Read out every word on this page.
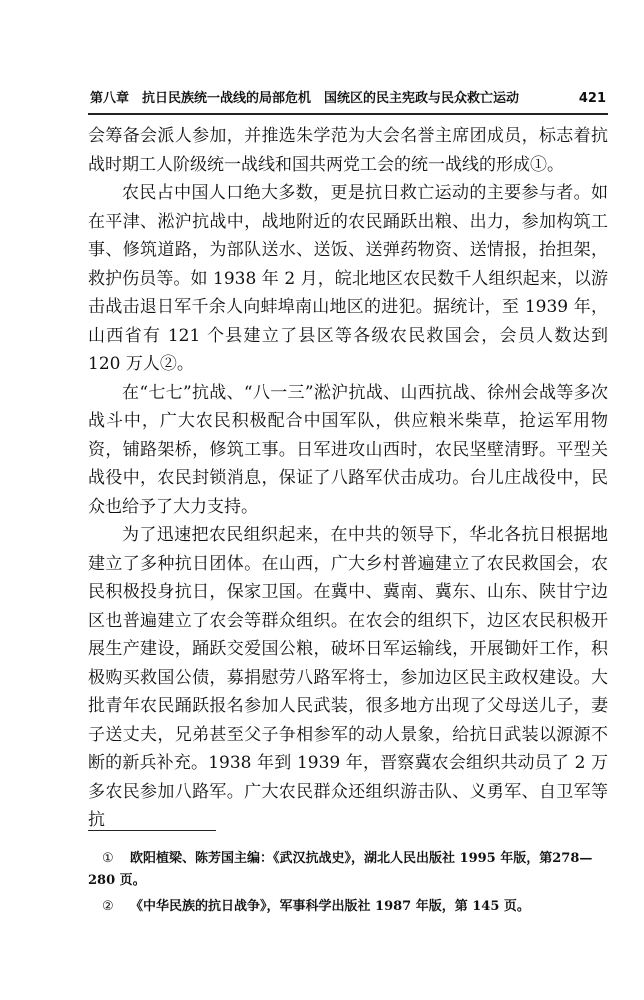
第八章　抗日民族统一战线的局部危机　国统区的民主宪政与民众救亡运动	421

会筹备会派人参加，并推选朱学范为大会名誉主席团成员，标志着抗战时期工人阶级统一战线和国共两党工会的统一战线的形成①。

农民占中国人口绝大多数，更是抗日救亡运动的主要参与者。如在平津、淞沪抗战中，战地附近的农民踊跃出粮、出力，参加构筑工事、修筑道路，为部队送水、送饭、送弹药物资、送情报，抬担架，救护伤员等。如 1938 年 2 月，皖北地区农民数千人组织起来，以游击战击退日军千余人向蚌埠南山地区的进犯。据统计，至 1939 年，山西省有 121 个县建立了县区等各级农民救国会，会员人数达到 120 万人②。

在“七七”抗战、“八一三”淞沪抗战、山西抗战、徐州会战等多次战斗中，广大农民积极配合中国军队，供应粮米柴草，抢运军用物资，铺路架桥，修筑工事。日军进攻山西时，农民坚壁清野。平型关战役中，农民封锁消息，保证了八路军伏击成功。台儿庄战役中，民众也给予了大力支持。

为了迅速把农民组织起来，在中共的领导下，华北各抗日根据地建立了多种抗日团体。在山西，广大乡村普遍建立了农民救国会，农民积极投身抗日，保家卫国。在冀中、冀南、冀东、山东、陕甘宁边区也普遍建立了农会等群众组织。在农会的组织下，边区农民积极开展生产建设，踊跃交爱国公粮，破坏日军运输线，开展锄奸工作，积极购买救国公债，募捐慰劳八路军将士，参加边区民主政权建设。大批青年农民踊跃报名参加人民武装，很多地方出现了父母送儿子，妻子送丈夫，兄弟甚至父子争相参军的动人景象，给抗日武装以源源不断的新兵补充。1938 年到 1939 年，晋察冀农会组织共动员了 2 万多农民参加八路军。广大农民群众还组织游击队、义勇军、自卫军等抗

① 欧阳植梁、陈芳国主编：《武汉抗战史》，湖北人民出版社 1995 年版，第278—280 页。

② 《中华民族的抗日战争》，军事科学出版社 1987 年版，第 145 页。
